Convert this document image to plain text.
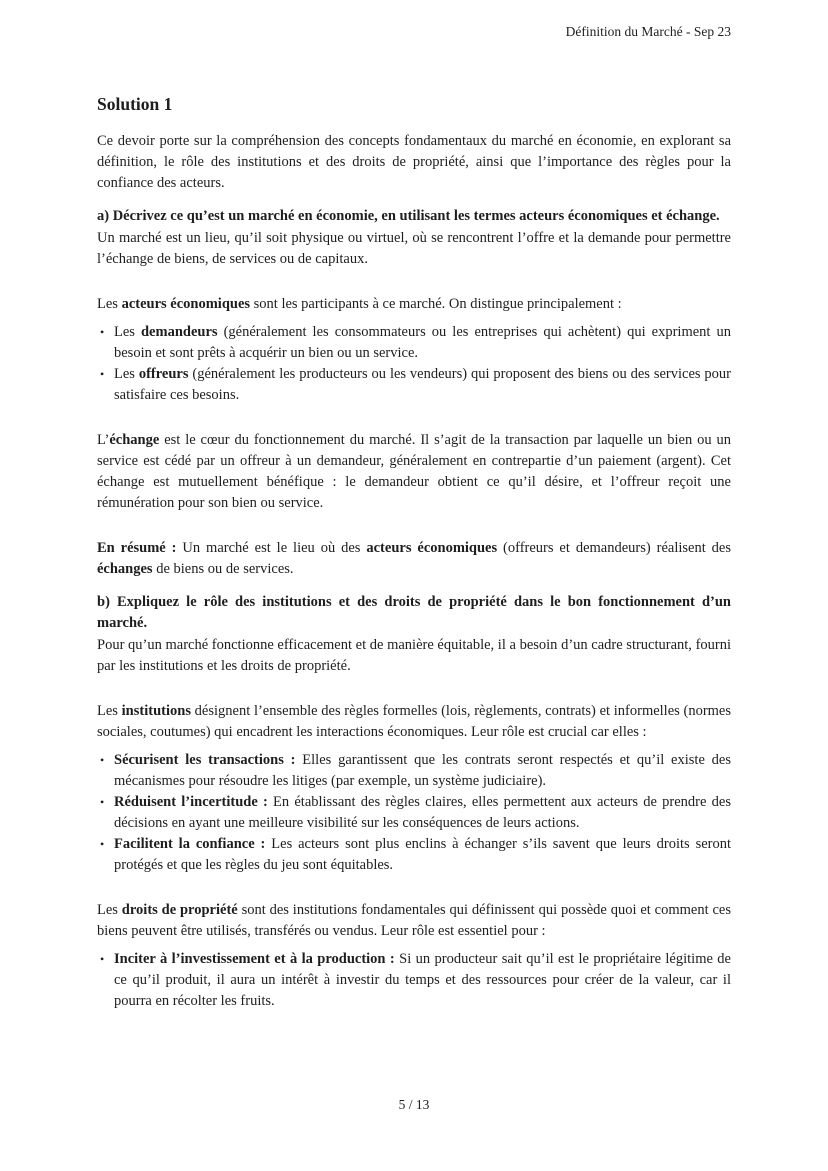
Définition du Marché - Sep 23
Solution 1

Ce devoir porte sur la compréhension des concepts fondamentaux du marché en économie, en explorant sa définition, le rôle des institutions et des droits de propriété, ainsi que l’importance des règles pour la confiance des acteurs.

a) Décrivez ce qu’est un marché en économie, en utilisant les termes acteurs économiques et échange.

Un marché est un lieu, qu’il soit physique ou virtuel, où se rencontrent l’offre et la demande pour permettre l’échange de biens, de services ou de capitaux.

Les acteurs économiques sont les participants à ce marché. On distingue principalement :

• Les demandeurs (généralement les consommateurs ou les entreprises qui achètent) qui expriment un besoin et sont prêts à acquérir un bien ou un service.
• Les offreurs (généralement les producteurs ou les vendeurs) qui proposent des biens ou des services pour satisfaire ces besoins.

L’échange est le cœur du fonctionnement du marché. Il s’agit de la transaction par laquelle un bien ou un service est cédé par un offreur à un demandeur, généralement en contrepartie d’un paiement (argent). Cet échange est mutuellement bénéfique : le demandeur obtient ce qu’il désire, et l’offreur reçoit une rémunération pour son bien ou service.

En résumé : Un marché est le lieu où des acteurs économiques (offreurs et demandeurs) réalisent des échanges de biens ou de services.

b) Expliquez le rôle des institutions et des droits de propriété dans le bon fonctionnement d’un marché.

Pour qu’un marché fonctionne efficacement et de manière équitable, il a besoin d’un cadre structurant, fourni par les institutions et les droits de propriété.

Les institutions désignent l’ensemble des règles formelles (lois, règlements, contrats) et informelles (normes sociales, coutumes) qui encadrent les interactions économiques. Leur rôle est crucial car elles :

• Sécurisent les transactions : Elles garantissent que les contrats seront respectés et qu’il existe des mécanismes pour résoudre les litiges (par exemple, un système judiciaire).
• Réduisent l’incertitude : En établissant des règles claires, elles permettent aux acteurs de prendre des décisions en ayant une meilleure visibilité sur les conséquences de leurs actions.
• Facilitent la confiance : Les acteurs sont plus enclins à échanger s’ils savent que leurs droits seront protégés et que les règles du jeu sont équitables.

Les droits de propriété sont des institutions fondamentales qui définissent qui possède quoi et comment ces biens peuvent être utilisés, transférés ou vendus. Leur rôle est essentiel pour :

• Inciter à l’investissement et à la production : Si un producteur sait qu’il est le propriétaire légitime de ce qu’il produit, il aura un intérêt à investir du temps et des ressources pour créer de la valeur, car il pourra en récolter les fruits.
5 / 13
